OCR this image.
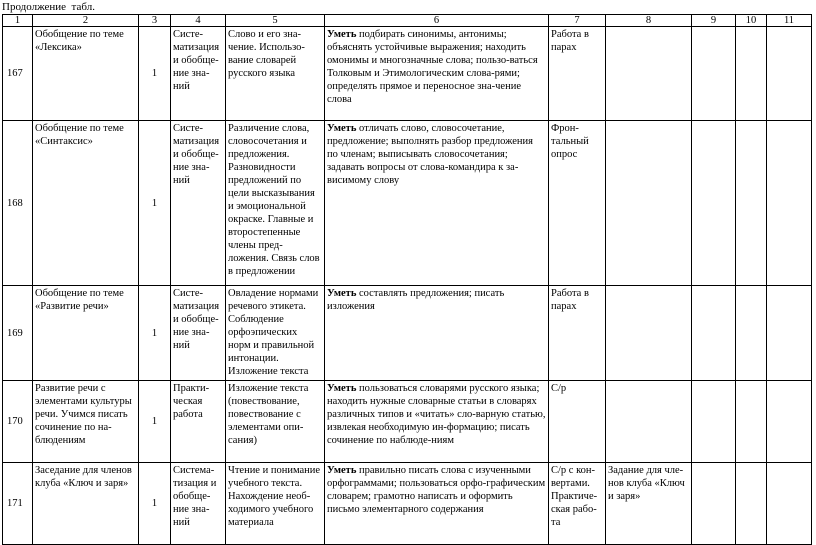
Продолжение  табл.
1	2	3	4	5	6	7	8	9	10	11
167	Обобщение по теме «Лексика»	1	Систе-матизация и обобще-ние зна-ний	Слово и его зна-чение. Использо-вание словарей русского языка	Уметь подбирать синонимы, антонимы; объяснять устойчивые выражения; находить омонимы и многозначные слова; пользо-ваться Толковым и Этимологическим слова-рями; определять прямое и переносное зна-чение слова	Работа в парах				
168	Обобщение по теме «Синтаксис»	1	Систе-матизация и обобще-ние зна-ний	Различение слова, словосочетания и предложения. Разновидности предложений по цели высказывания и эмоциональной окраске. Главные и второстепенные члены пред-ложения. Связь слов в предложении	Уметь отличать слово, словосочетание, предложение; выполнять разбор предложения по членам; выписывать словосочетания; задавать вопросы от слова-командира к за-висимому слову	Фрон-тальный опрос				
169	Обобщение по теме «Развитие речи»	1	Систе-матизация и обобще-ние зна-ний	Овладение нормами речевого этикета. Соблюдение орфоэпических норм и правильной интонации. Изложение текста	Уметь составлять предложения; писать изложения	Работа в парах				
170	Развитие речи с элементами культуры речи. Учимся писать сочинение по на-блюдениям	1	Практи-ческая работа	Изложение текста (повествование, повествование с элементами опи-сания)	Уметь пользоваться словарями русского языка; находить нужные словарные статьи в словарях различных типов и «читать» сло-варную статью, извлекая необходимую ин-формацию; писать сочинение по наблюде-ниям	С/р				
171	Заседание для членов клуба «Ключ и заря»	1	Система-тизация и обобще-ние зна-ний	Чтение и понимание учебного текста. Нахождение необ-ходимого учебного материала	Уметь правильно писать слова с изученными орфограммами; пользоваться орфо-графическим словарем; грамотно написать и оформить письмо элементарного содержания	С/р с кон-вертами. Практиче-ская рабо-та	Задание для чле-нов клуба «Ключ и заря»			
